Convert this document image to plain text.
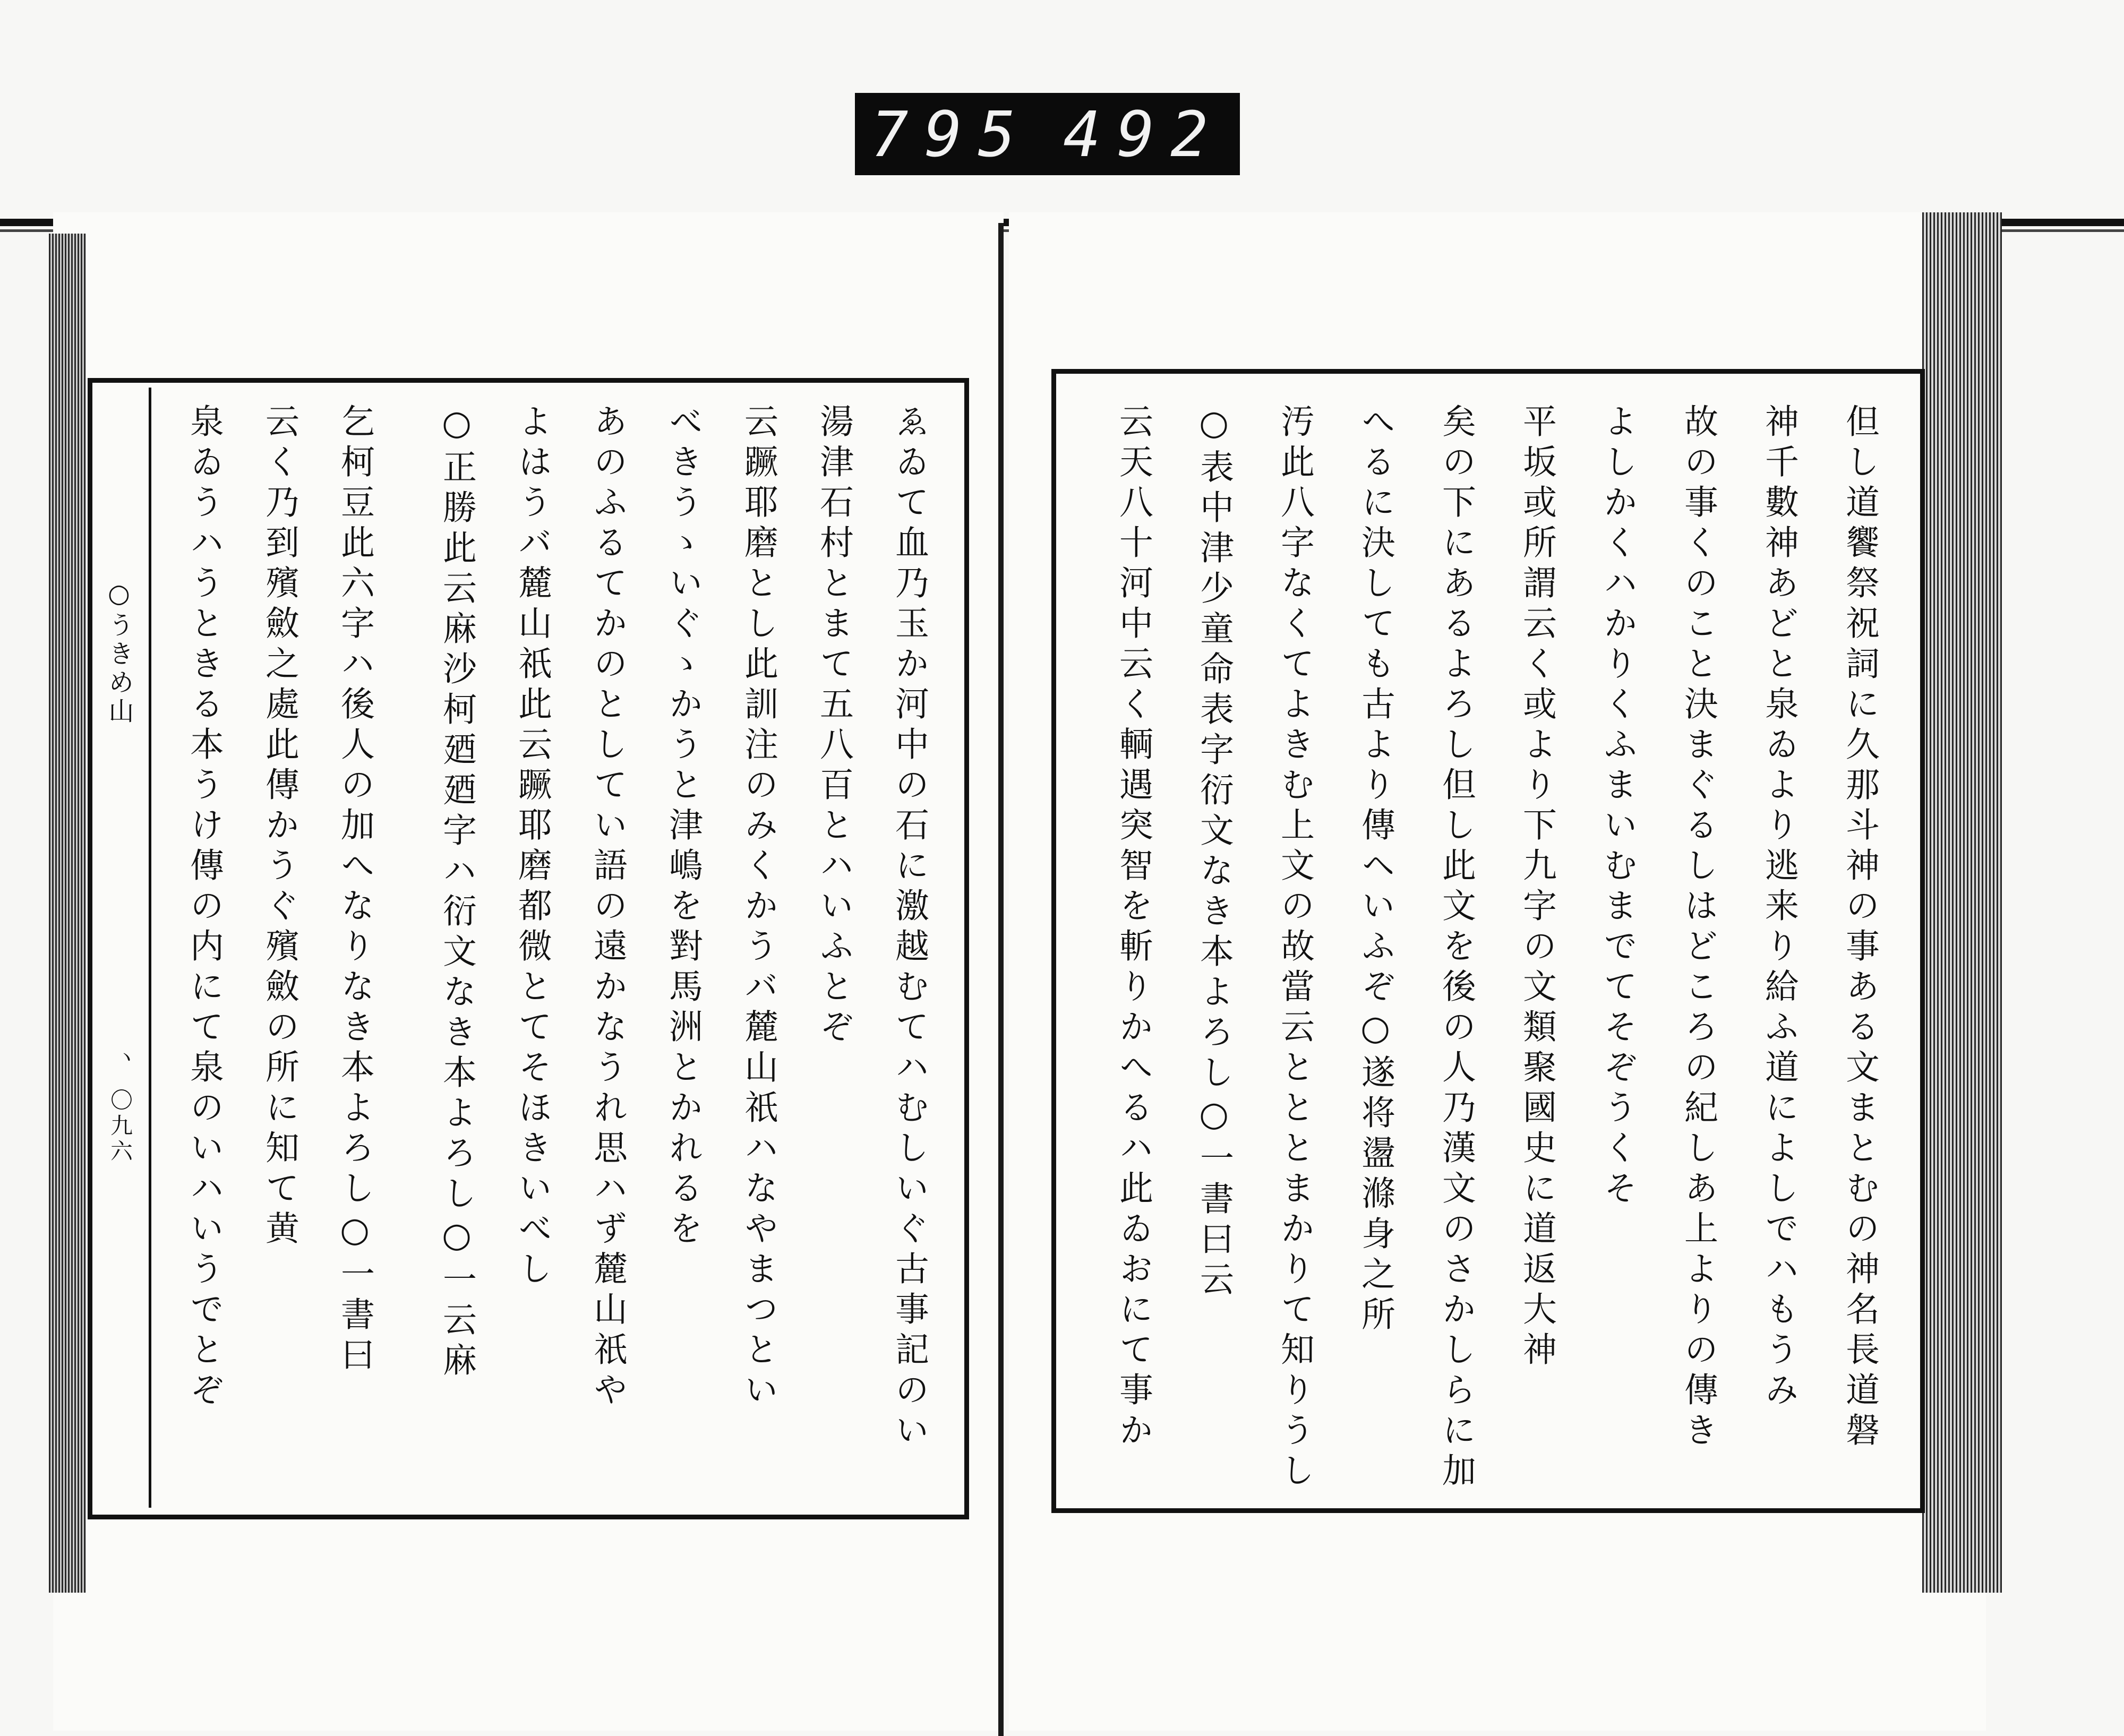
795 492
○うきめ山
ヽ
〇九六	ゑゐて血乃玉か河中の石に激越むてハむしいぐ古事記のい
湯津石村とまて五八百とハいふとぞ
云蹶耶磨とし此訓注のみくかうバ麓山祇ハなやまつとい
べきうゝいぐゝかうと津嶋を對馬洲とかれるを
あのふるてかのとしてい語の遠かなうれ思ハず麓山祇や
よはうバ麓山祇此云蹶耶磨都微とてそほきいべし
○正勝此云麻沙柯廼廼字ハ衍文なき本よろし○一云麻
乞柯豆此六字ハ後人の加へなりなき本よろし○一書曰
云く乃到殯斂之處此傳かうぐ殯斂の所に知て黄
泉ゐうハうときる本うけ傳の内にて泉のいハいうでとぞ	但し道饗祭祝詞に久那斗神の事ある文まとむの神名長道磐
神千數神あどと泉ゐより逃来り給ふ道によしでハもうみ
故の事くのこと決まぐるしはどころの紀しあ上よりの傳き
よしかくハかりくふまいむまでてそぞうくそ
平坂或所謂云く或より下九字の文類聚國史に道返大神
矣の下にあるよろし但し此文を後の人乃漢文のさかしらに加
へるに決しても古より傳ヘいふぞ○遂将盪滌身之所
汚此八字なくてよきむ上文の故當云とととまかりて知りうし
○表中津少童命表字衍文なき本よろし○一書曰云
云天八十河中云く輌遇突智を斬りかへるハ此ゐおにて事か
